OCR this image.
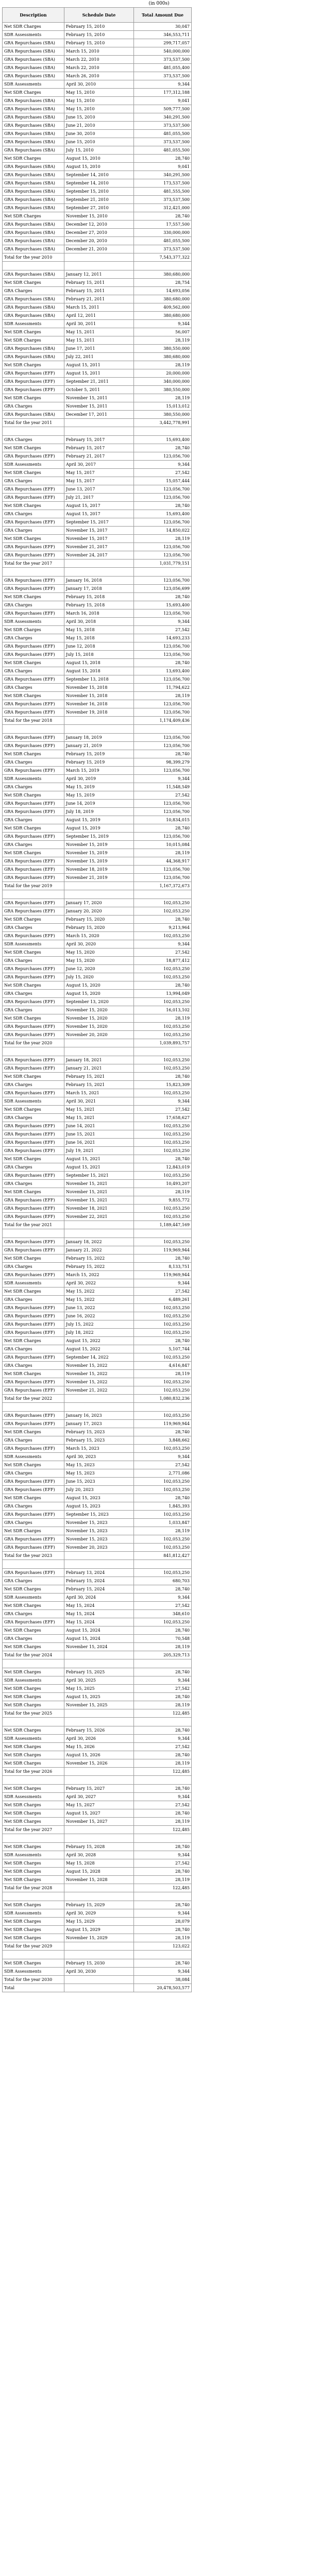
(in 000s)
Description	Schedule Date	Total Amount Due
Net SDR Charges	February 15, 2010	30,047
SDR Assessments	February 15, 2010	346,553,711
GRA Repurchases (SBA)	February 15, 2010	299,717,057
GRA Repurchases (SBA)	March 15, 2010	540,000,000
GRA Repurchases (SBA)	March 22, 2010	373,537,500
GRA Repurchases (SBA)	March 22, 2010	481,055,400
GRA Repurchases (SBA)	March 26, 2010	373,537,500
SDR Assessments	April 30, 2010	9,344
Net SDR Charges	May 15, 2010	177,312,188
GRA Repurchases (SBA)	May 15, 2010	9,041
GRA Repurchases (SBA)	May 15, 2010	509,777,500
GRA Repurchases (SBA)	June 15, 2010	340,291,500
GRA Repurchases (SBA)	June 21, 2010	373,537,500
GRA Repurchases (SBA)	June 30, 2010	481,055,500
GRA Repurchases (SBA)	June 15, 2010	373,537,500
GRA Repurchases (SBA)	July 15, 2010	481,055,500
Net SDR Charges	August 15, 2010	28,740
GRA Repurchases (SBA)	August 15, 2010	9,041
GRA Repurchases (SBA)	September 14, 2010	340,291,500
GRA Repurchases (SBA)	September 14, 2010	173,537,500
GRA Repurchases (SBA)	September 15, 2010	481,555,500
GRA Repurchases (SBA)	September 21, 2010	373,537,500
GRA Repurchases (SBA)	September 27, 2010	312,421,000
Net SDR Charges	November 15, 2010	28,740
GRA Repurchases (SBA)	December 12, 2010	17,557,500
GRA Repurchases (SBA)	December 27, 2010	330,000,000
GRA Repurchases (SBA)	December 20, 2010	481,055,500
GRA Repurchases (SBA)	December 21, 2010	373,537,500
Total for the year 2010		7,543,377,322

GRA Repurchases (SBA)	January 12, 2011	380,680,000
Net SDR Charges	February 15, 2011	28,754
GRA Charges	February 15, 2011	14,693,056
GRA Repurchases (SBA)	February 21, 2011	380,680,000
GRA Repurchases (SBA)	March 15, 2011	409,562,000
GRA Repurchases (SBA)	April 12, 2011	380,680,000
SDR Assessments	April 30, 2011	9,344
Net SDR Charges	May 15, 2011	56,007
Net SDR Charges	May 15, 2011	28,119
GRA Repurchases (SBA)	June 17, 2011	380,550,000
GRA Repurchases (SBA)	July 22, 2011	380,680,000
Net SDR Charges	August 15, 2011	28,119
GRA Repurchases (EFF)	August 15, 2011	20,000,000
GRA Repurchases (EFF)	September 21, 2011	340,000,000
GRA Repurchases (EFF)	October 5, 2011	380,550,000
Net SDR Charges	November 15, 2011	28,119
GRA Charges	November 15, 2011	15,013,012
GRA Repurchases (SBA)	December 17, 2011	380,550,000
Total for the year 2011		3,442,778,991

GRA Charges	February 15, 2017	15,693,400
Net SDR Charges	February 15, 2017	28,740
GRA Repurchases (EFF)	February 21, 2017	123,056,700
SDR Assessments	April 30, 2017	9,344
Net SDR Charges	May 15, 2017	27,542
GRA Charges	May 15, 2017	15,057,444
GRA Repurchases (EFF)	June 13, 2017	123,056,700
GRA Repurchases (EFF)	July 21, 2017	123,056,700
Net SDR Charges	August 15, 2017	28,740
GRA Charges	August 15, 2017	15,693,400
GRA Repurchases (EFF)	September 15, 2017	123,056,700
GRA Charges	November 15, 2017	14,850,022
Net SDR Charges	November 15, 2017	28,119
GRA Repurchases (EFF)	November 21, 2017	123,056,700
GRA Repurchases (EFF)	November 24, 2017	123,056,700
Total for the year 2017		1,031,779,151

GRA Repurchases (EFF)	January 16, 2018	123,056,700
GRA Repurchases (EFF)	January 17, 2018	123,056,699
Net SDR Charges	February 15, 2018	28,740
GRA Charges	February 15, 2018	15,693,400
GRA Repurchases (EFF)	March 16, 2018	123,056,700
SDR Assessments	April 30, 2018	9,344
Net SDR Charges	May 15, 2018	27,542
GRA Charges	May 15, 2018	14,693,233
GRA Repurchases (EFF)	June 12, 2018	123,056,700
GRA Repurchases (EFF)	July 15, 2018	123,056,700
Net SDR Charges	August 15, 2018	28,740
GRA Charges	August 15, 2018	13,693,400
GRA Repurchases (EFF)	September 13, 2018	123,056,700
GRA Charges	November 15, 2018	11,794,622
Net SDR Charges	November 15, 2018	28,119
GRA Repurchases (EFF)	November 16, 2018	123,056,700
GRA Repurchases (EFF)	November 19, 2018	123,056,700
Total for the year 2018		1,174,409,436

GRA Repurchases (EFF)	January 18, 2019	123,056,700
GRA Repurchases (EFF)	January 21, 2019	123,056,700
Net SDR Charges	February 15, 2019	28,740
GRA Charges	February 15, 2019	98,399,279
GRA Repurchases (EFF)	March 15, 2019	123,056,700
SDR Assessments	April 30, 2019	9,344
GRA Charges	May 15, 2019	11,548,549
Net SDR Charges	May 15, 2019	27,542
GRA Repurchases (EFF)	June 14, 2019	123,056,700
GRA Repurchases (EFF)	July 18, 2019	123,056,700
GRA Charges	August 15, 2019	10,834,015
Net SDR Charges	August 15, 2019	28,740
GRA Repurchases (EFF)	September 15, 2019	123,056,700
GRA Charges	November 15, 2019	10,015,084
Net SDR Charges	November 15, 2019	28,119
GRA Repurchases (EFF)	November 15, 2019	44,368,917
GRA Repurchases (EFF)	November 18, 2019	123,056,700
GRA Repurchases (EFF)	November 21, 2019	123,056,700
Total for the year 2019		1,167,372,673

GRA Repurchases (EFF)	January 17, 2020	102,053,250
GRA Repurchases (EFF)	January 20, 2020	102,053,250
Net SDR Charges	February 15, 2020	28,740
GRA Charges	February 15, 2020	9,213,964
GRA Repurchases (EFF)	March 15, 2020	102,053,250
SDR Assessments	April 30, 2020	9,344
Net SDR Charges	May 15, 2020	27,542
GRA Charges	May 15, 2020	18,877,412
GRA Repurchases (EFF)	June 12, 2020	102,053,250
GRA Repurchases (EFF)	July 15, 2020	102,053,250
Net SDR Charges	August 15, 2020	28,740
GRA Charges	August 15, 2020	13,994,049
GRA Repurchases (EFF)	September 13, 2020	102,053,250
GRA Charges	November 15, 2020	16,013,102
Net SDR Charges	November 15, 2020	28,119
GRA Repurchases (EFF)	November 15, 2020	102,053,250
GRA Repurchases (EFF)	November 20, 2020	102,053,250
Total for the year 2020		1,039,893,757

GRA Repurchases (EFF)	January 18, 2021	102,053,250
GRA Repurchases (EFF)	January 21, 2021	102,053,250
Net SDR Charges	February 15, 2021	28,740
GRA Charges	February 15, 2021	15,823,309
GRA Repurchases (EFF)	March 15, 2021	102,053,250
SDR Assessments	April 30, 2021	9,344
Net SDR Charges	May 15, 2021	27,542
GRA Charges	May 15, 2021	17,658,627
GRA Repurchases (EFF)	June 14, 2021	102,053,250
GRA Repurchases (EFF)	June 15, 2021	102,053,250
GRA Repurchases (EFF)	June 16, 2021	102,053,250
GRA Repurchases (EFF)	July 19, 2021	102,053,250
Net SDR Charges	August 15, 2021	28,740
GRA Charges	August 15, 2021	12,843,019
GRA Repurchases (EFF)	September 15, 2021	102,053,250
GRA Charges	November 15, 2021	10,493,207
Net SDR Charges	November 15, 2021	28,119
GRA Repurchases (EFF)	November 15, 2021	9,855,772
GRA Repurchases (EFF)	November 18, 2021	102,053,250
GRA Repurchases (EFF)	November 22, 2021	102,053,250
Total for the year 2021		1,189,447,169

GRA Repurchases (EFF)	January 18, 2022	102,053,250
GRA Repurchases (EFF)	January 21, 2022	119,969,944
Net SDR Charges	February 15, 2022	28,740
GRA Charges	February 15, 2022	8,133,751
GRA Repurchases (EFF)	March 15, 2022	119,969,944
SDR Assessments	April 30, 2022	9,344
Net SDR Charges	May 15, 2022	27,542
GRA Charges	May 15, 2022	6,489,261
GRA Repurchases (EFF)	June 13, 2022	102,053,250
GRA Repurchases (EFF)	June 16, 2022	102,053,250
GRA Repurchases (EFF)	July 15, 2022	102,053,250
GRA Repurchases (EFF)	July 18, 2022	102,053,250
Net SDR Charges	August 15, 2022	28,740
GRA Charges	August 15, 2022	5,107,744
GRA Repurchases (EFF)	September 14, 2022	102,053,250
GRA Charges	November 15, 2022	4,616,847
Net SDR Charges	November 15, 2022	28,119
GRA Repurchases (EFF)	November 15, 2022	102,053,250
GRA Repurchases (EFF)	November 21, 2022	102,053,250
Total for the year 2022		1,080,832,236

GRA Repurchases (EFF)	January 16, 2023	102,053,250
GRA Repurchases (EFF)	January 17, 2023	119,969,944
Net SDR Charges	February 15, 2023	28,740
GRA Charges	February 15, 2023	3,848,662
GRA Repurchases (EFF)	March 15, 2023	102,053,250
SDR Assessments	April 30, 2023	9,344
Net SDR Charges	May 15, 2023	27,542
GRA Charges	May 15, 2023	2,771,086
GRA Repurchases (EFF)	June 15, 2023	102,053,250
GRA Repurchases (EFF)	July 20, 2023	102,053,250
Net SDR Charges	August 15, 2023	28,740
GRA Charges	August 15, 2023	1,845,393
GRA Repurchases (EFF)	September 15, 2023	102,053,250
GRA Charges	November 15, 2023	1,033,847
Net SDR Charges	November 15, 2023	28,119
GRA Repurchases (EFF)	November 15, 2023	102,053,250
GRA Repurchases (EFF)	November 20, 2023	102,053,250
Total for the year 2023		841,812,427

GRA Repurchases (EFF)	February 13, 2024	102,053,250
GRA Charges	February 15, 2024	680,703
Net SDR Charges	February 15, 2024	28,740
SDR Assessments	April 30, 2024	9,344
Net SDR Charges	May 15, 2024	27,542
GRA Charges	May 15, 2024	348,610
GRA Repurchases (EFF)	May 15, 2024	102,053,250
Net SDR Charges	August 15, 2024	28,740
GRA Charges	August 15, 2024	70,548
Net SDR Charges	November 15, 2024	28,119
Total for the year 2024		205,329,713

Net SDR Charges	February 15, 2025	28,740
SDR Assessments	April 30, 2025	9,344
Net SDR Charges	May 15, 2025	27,542
Net SDR Charges	August 15, 2025	28,740
Net SDR Charges	November 15, 2025	28,119
Total for the year 2025		122,485

Net SDR Charges	February 15, 2026	28,740
SDR Assessments	April 30, 2026	9,344
Net SDR Charges	May 15, 2026	27,542
Net SDR Charges	August 15, 2026	28,740
Net SDR Charges	November 15, 2026	28,119
Total for the year 2026		122,485

Net SDR Charges	February 15, 2027	28,740
SDR Assessments	April 30, 2027	9,344
Net SDR Charges	May 15, 2027	27,542
Net SDR Charges	August 15, 2027	28,740
Net SDR Charges	November 15, 2027	28,119
Total for the year 2027		122,485

Net SDR Charges	February 15, 2028	28,740
SDR Assessments	April 30, 2028	9,344
Net SDR Charges	May 15, 2028	27,542
Net SDR Charges	August 15, 2028	28,740
Net SDR Charges	November 15, 2028	28,119
Total for the year 2028		122,485

Net SDR Charges	February 15, 2029	28,740
SDR Assessments	April 30, 2029	9,344
Net SDR Charges	May 15, 2029	28,079
Net SDR Charges	August 15, 2029	28,740
Net SDR Charges	November 15, 2029	28,119
Total for the year 2029		123,022

Net SDR Charges	February 15, 2030	28,740
SDR Assessments	April 30, 2030	9,344
Total for the year 2030		38,084
Total		20,478,503,577
